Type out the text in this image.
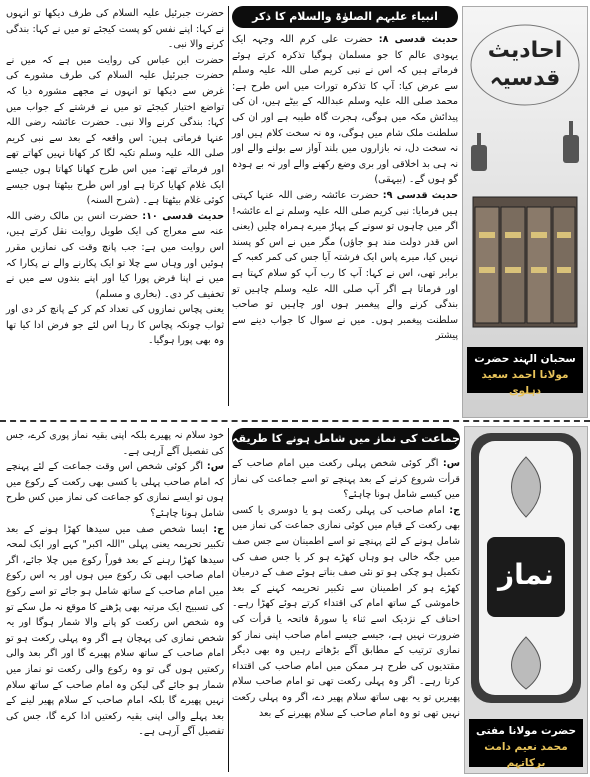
احادیث قدسیہ
سحبان الہند حضرت
مولانا احمد سعید دہلوی
انبیاء علیہم الصلوٰۃ والسلام کا ذکر

حدیث قدسی ۸: حضرت علی کرم اللہ وجہہ ایک یہودی عالم کا جو مسلمان ہوگیا تذکرہ کرتے ہوئے فرماتے ہیں کہ اس نے نبی کریم صلی اللہ علیہ وسلم سے عرض کیا: آپ کا تذکرہ تورات میں اس طرح ہے: محمد صلی اللہ علیہ وسلم عبداللہ کے بیٹے ہیں، ان کی پیدائش مکہ میں ہوگی، ہجرت گاہ طیبہ ہے اور ان کی سلطنت ملک شام میں ہوگی، وہ نہ سخت کلام ہیں اور نہ سخت دل، نہ بازاروں میں بلند آواز سے بولنے والے اور نہ ہی بد اخلاقی اور بری وضع رکھنے والے اور نہ بے ہودہ گو ہوں گے۔ (بیہقی)

حدیث قدسی ۹: حضرت عائشہ رضی اللہ عنہا کہتی ہیں فرمایا: نبی کریم صلی اللہ علیہ وسلم نے اے عائشہ! اگر میں چاہوں تو سونے کے پہاڑ میرے ہمراہ چلیں (یعنی اس قدر دولت مند ہو جاؤں) مگر میں نے اس کو پسند نہیں کیا، میرے پاس ایک فرشتہ آیا جس کی کمر کعبہ کے برابر تھی، اس نے کہا: آپ کا رب آپ کو سلام کہتا ہے اور فرماتا ہے اگر آپ صلی اللہ علیہ وسلم چاہیں تو بندگی کرنے والے پیغمبر ہوں اور چاہیں تو صاحب سلطنت پیغمبر ہوں۔ میں نے سوال کا جواب دینے سے پیشتر

حضرت جبرئیل علیہ السلام کی طرف دیکھا تو انہوں نے کہا: اپنے نفس کو پست کیجئے تو میں نے کہا: بندگی کرنے والا نبی۔

حضرت ابن عباس کی روایت میں ہے کہ میں نے حضرت جبرئیل علیہ السلام کی طرف مشورے کی غرض سے دیکھا تو انہوں نے مجھے مشورہ دیا کہ تواضع اختیار کیجئے تو میں نے فرشتے کے جواب میں کہا: بندگی کرنے والا نبی۔ حضرت عائشہ رضی اللہ عنہا فرماتی ہیں: اس واقعہ کے بعد سے نبی کریم صلی اللہ علیہ وسلم تکیہ لگا کر کھانا نہیں کھاتے تھے اور فرماتے تھے: میں اس طرح کھانا کھاتا ہوں جیسے ایک غلام کھایا کرتا ہے اور اس طرح بیٹھتا ہوں جیسے کوئی غلام بیٹھتا ہے۔ (شرح السنہ)

حدیث قدسی ۱۰: حضرت انس بن مالک رضی اللہ عنہ سے معراج کی ایک طویل روایت نقل کرتے ہیں، اس روایت میں ہے: جب پانچ وقت کی نمازیں مقرر ہوئیں اور وہاں سے چلا تو ایک پکارنے والے نے پکارا کہ میں نے اپنا فرض پورا کیا اور اپنے بندوں سے میں نے تخفیف کر دی۔ (بخاری و مسلم)

یعنی پچاس نمازوں کی تعداد کم کر کے پانچ کر دی اور ثواب چونکہ پچاس کا رہا اس لئے جو فرض ادا کیا تھا وہ بھی پورا ہوگیا۔

نماز
حضرت مولانا مفتی
محمد نعیم دامت برکاتہم
جماعت کی نماز میں شامل ہونے کا طریقہ

س: اگر کوئی شخص پہلی رکعت میں امام صاحب کے قرأت شروع کرنے کے بعد پہنچے تو اسے جماعت کی نماز میں کیسے شامل ہونا چاہئے؟

ج: امام صاحب کی پہلی رکعت ہو یا دوسری یا کسی بھی رکعت کے قیام میں کوئی نمازی جماعت کی نماز میں شامل ہونے کے لئے پہنچے تو اسے اطمینان سے جس صف میں جگہ خالی ہو وہاں کھڑے ہو کر یا جس صف کی تکمیل ہو چکی ہو تو نئی صف بناتے ہوئے صف کے درمیان کھڑے ہو کر اطمینان سے تکبیر تحریمہ کہنے کے بعد خاموشی کے ساتھ امام کی اقتداء کرتے ہوئے کھڑا رہے۔ احناف کے نزدیک اسے ثناء یا سورۂ فاتحہ یا قرأت کی ضرورت نہیں ہے، جیسے جیسے امام صاحب اپنی نماز کو نمازی ترتیب کے مطابق آگے بڑھاتے رہیں وہ بھی دیگر مقتدیوں کی طرح ہر ممکن میں امام صاحب کی اقتداء کرتا رہے۔ اگر وہ پہلی رکعت تھی تو امام صاحب سلام پھیریں تو یہ بھی ساتھ سلام پھیر دے، اگر وہ پہلی رکعت نہیں تھی تو وہ امام صاحب کے سلام پھیرنے کے بعد

خود سلام نہ پھیرے بلکہ اپنی بقیہ نماز پوری کرے، جس کی تفصیل آگے آرہی ہے۔

س: اگر کوئی شخص اس وقت جماعت کے لئے پہنچے کہ امام صاحب پہلی یا کسی بھی رکعت کے رکوع میں ہوں تو ایسے نمازی کو جماعت کی نماز میں کس طرح شامل ہونا چاہئے؟

ج: ایسا شخص صف میں سیدھا کھڑا ہونے کے بعد تکبیر تحریمہ یعنی پہلی "اللہ اکبر" کہے اور ایک لمحہ سیدھا کھڑا رہنے کے بعد فوراً رکوع میں چلا جائے، اگر امام صاحب ابھی تک رکوع میں ہوں اور یہ اس رکوع میں امام صاحب کے ساتھ شامل ہو جائے تو اسے رکوع کی تسبیح ایک مرتبہ بھی پڑھنے کا موقع نہ مل سکے تو وہ شخص اس رکعت کو پانے والا شمار ہوگا اور یہ شخص نمازی کی پہچان ہے اگر وہ پہلی رکعت ہو تو امام صاحب کے ساتھ سلام پھیرے گا اور اگر بعد والی رکعتیں ہوں گی تو وہ رکوع والی رکعت تو نماز میں شمار ہو جائے گی لیکن وہ امام صاحب کے ساتھ سلام نہیں پھیرے گا بلکہ امام صاحب کے سلام پھیر لینے کے بعد پہلے والی اپنی بقیہ رکعتیں ادا کرے گا، جس کی تفصیل آگے آرہی ہے۔
